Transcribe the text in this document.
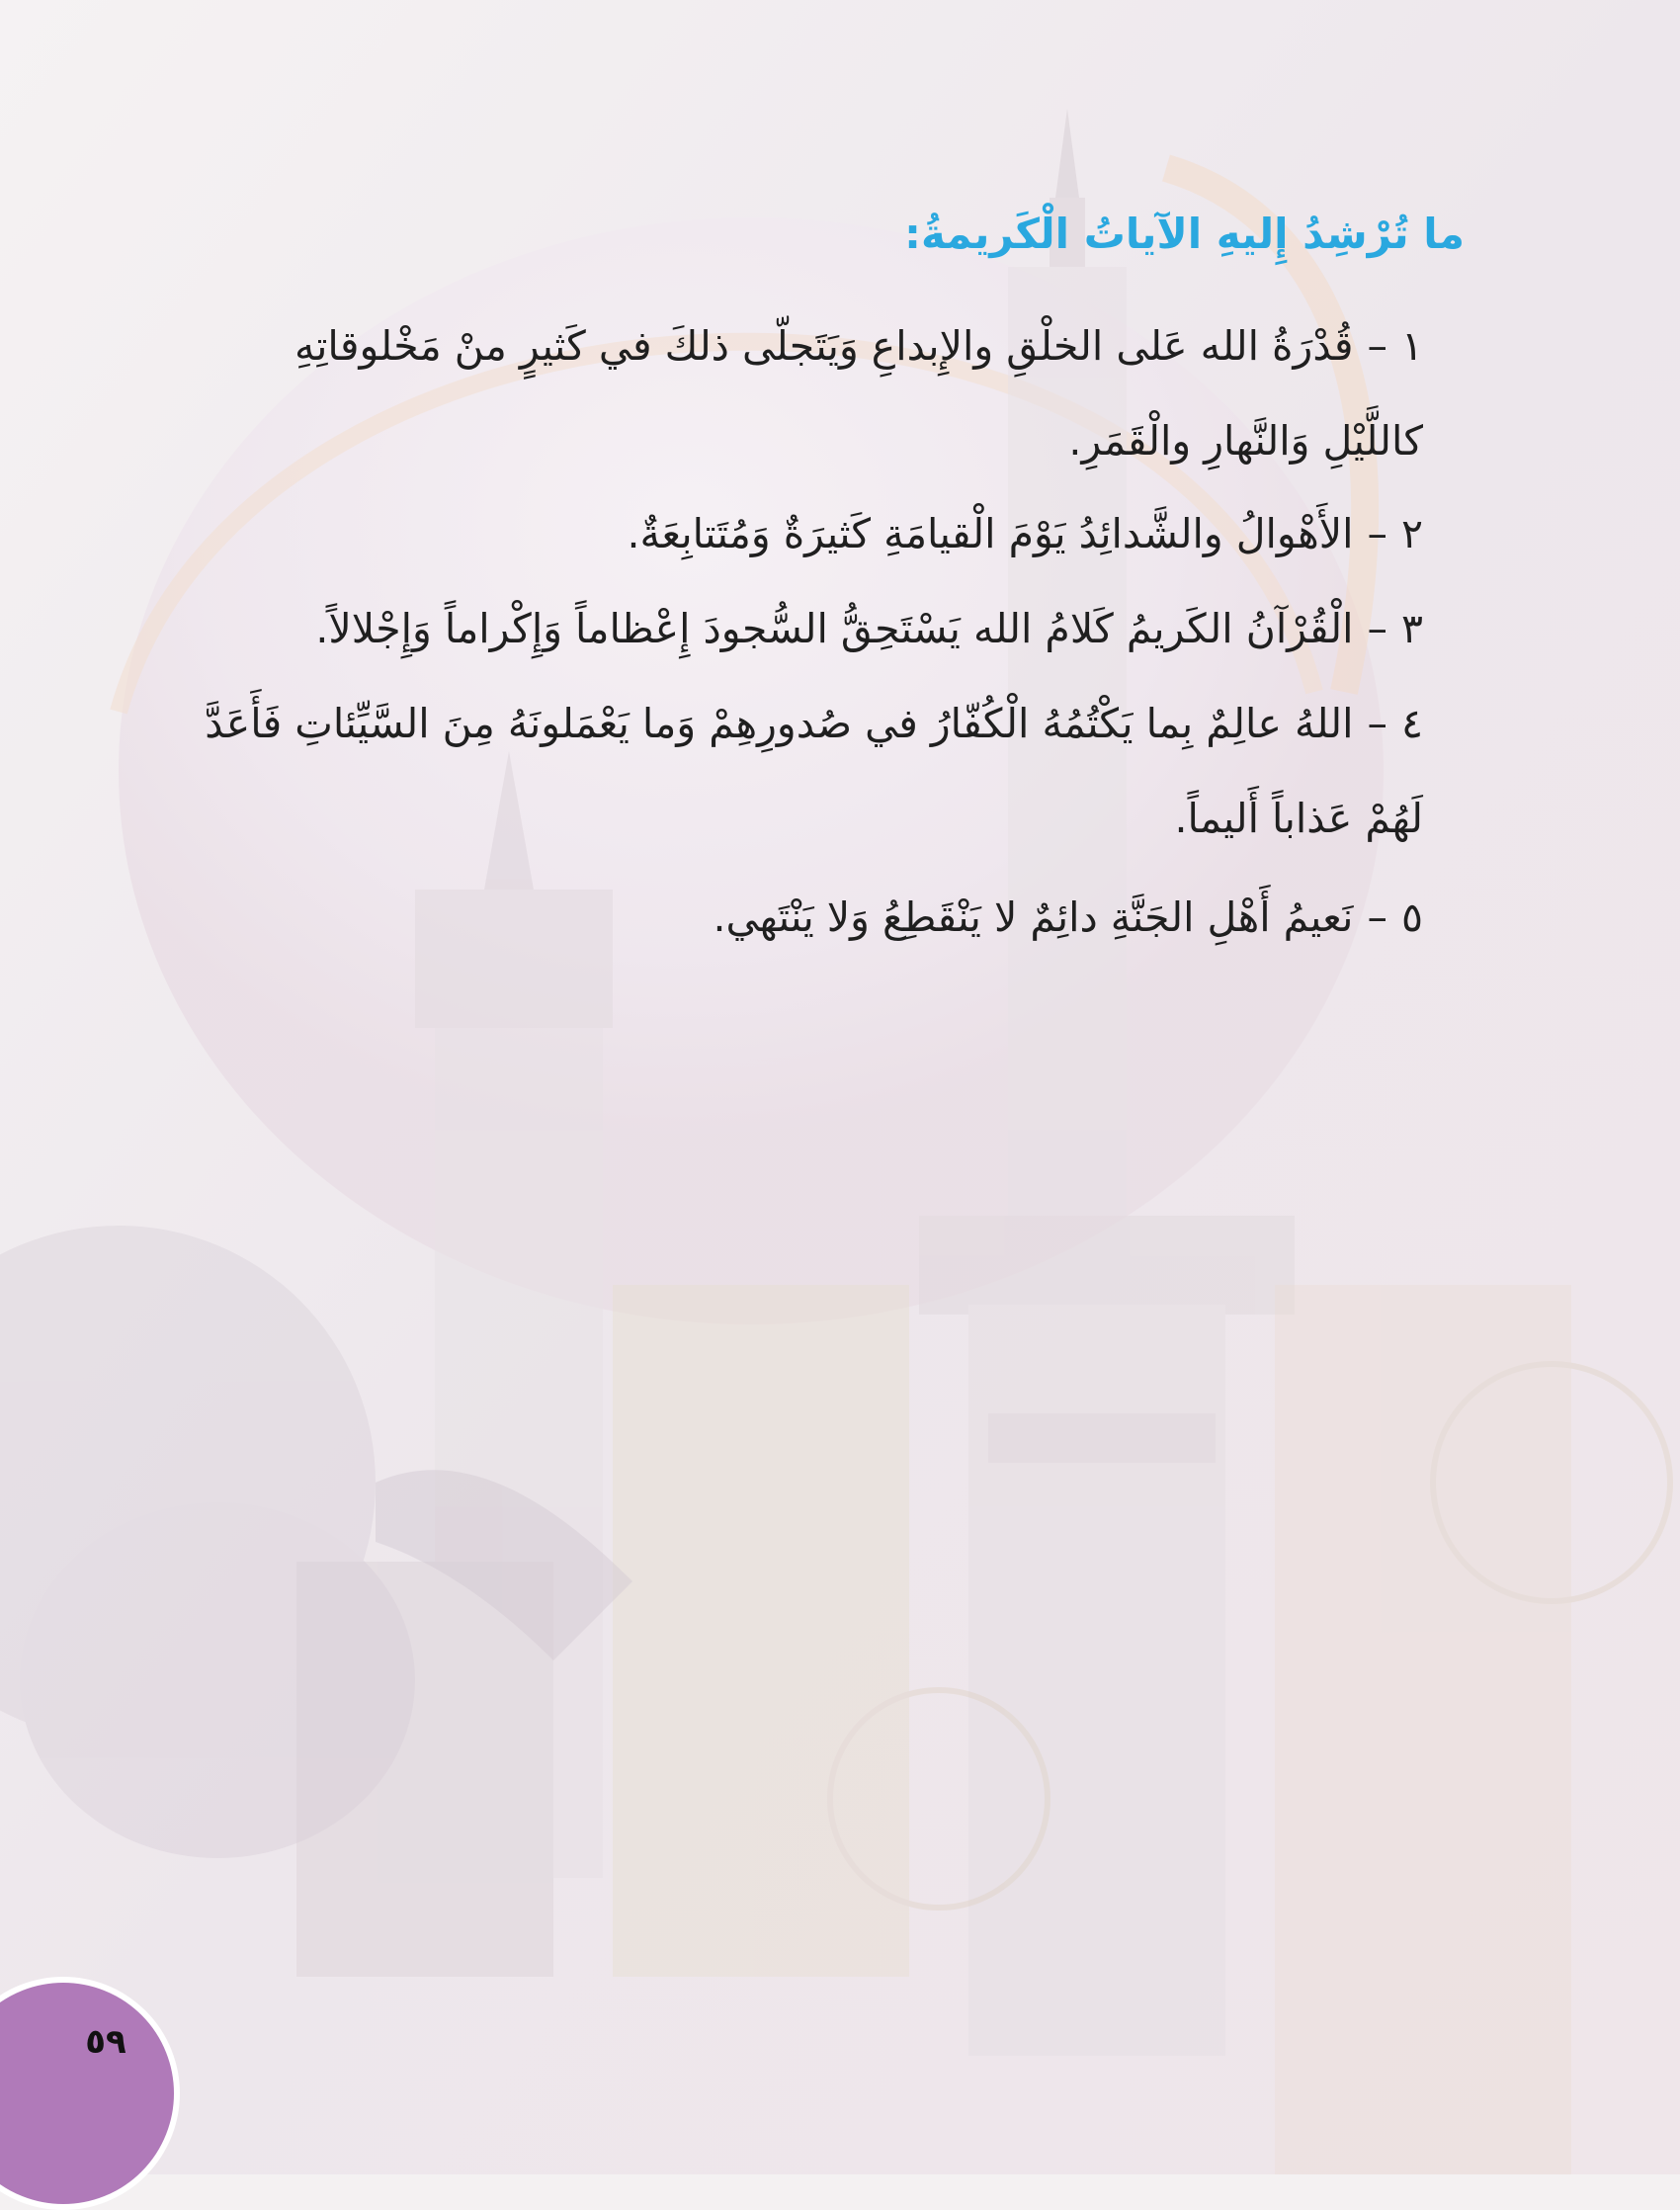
ما تُرْشِدُ إِليهِ الآياتُ الْكَريمةُ:

١–قُدْرَةُ الله عَلى الخلْقِ والإِبداعِ وَيَتَجلّى ذلكَ في كَثيرٍ منْ مَخْلوقاتِهِ كاللَّيْلِ وَالنَّهارِ والْقَمَرِ.

٢–الأَهْوالُ والشَّدائِدُ يَوْمَ الْقيامَةِ كَثيرَةٌ وَمُتَتابِعَةٌ.

٣–الْقُرْآنُ الكَريمُ كَلامُ الله يَسْتَحِقُّ السُّجودَ إِعْظاماً وَإِكْراماً وَإِجْلالاً.

٤–اللهُ عالِمٌ بِما يَكْتُمُهُ الْكُفّارُ في صُدورِهِمْ وَما يَعْمَلونَهُ مِنَ السَّيِّئاتِ فَأَعَدَّ لَهُمْ عَذاباً أَليماً.

٥–نَعيمُ أَهْلِ الجَنَّةِ دائِمٌ لا يَنْقَطِعُ وَلا يَنْتَهي.

٥٩
